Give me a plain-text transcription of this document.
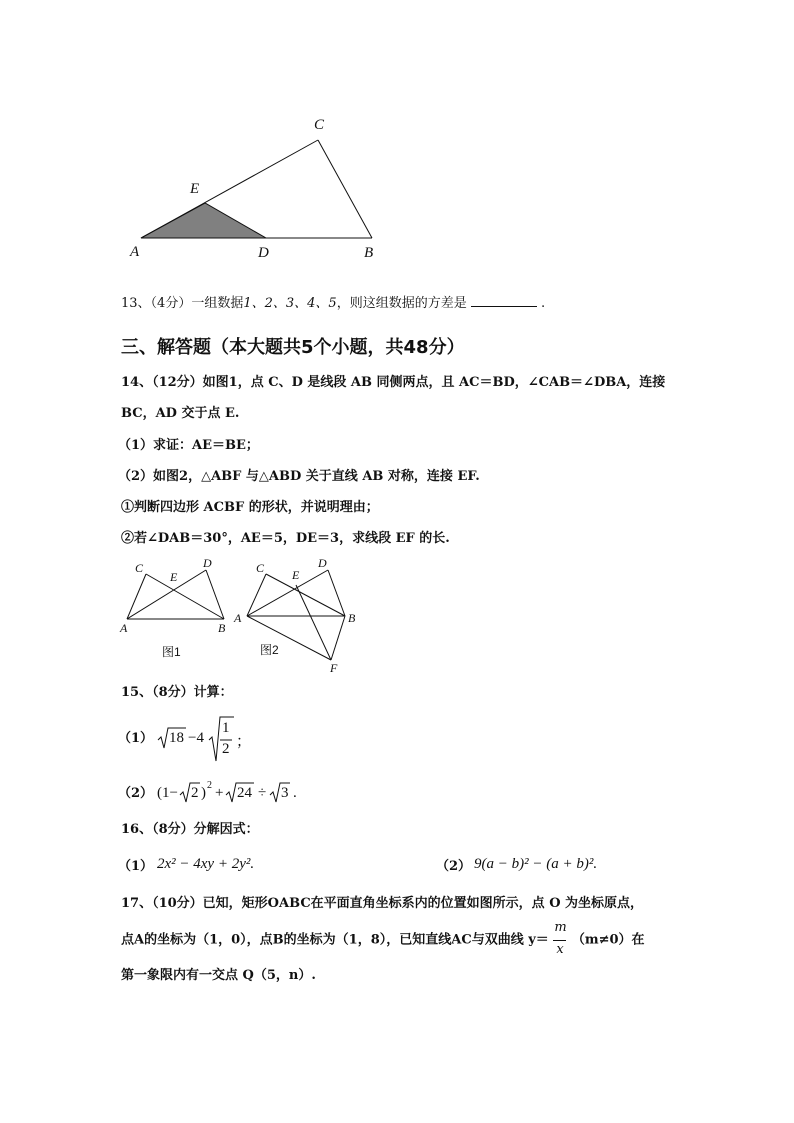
C
E
A	D	B
13、（4分）一组数据1、2、3、4、5，则这组数据的方差是	.
三、解答题（本大题共5个小题，共48分）
14、（12分）如图1，点 C、D 是线段 AB 同侧两点，且 AC＝BD，∠CAB＝∠DBA，连接
BC，AD 交于点 E.
（1）求证：AE＝BE；
（2）如图2，△ABF 与△ABD 关于直线 AB 对称，连接 EF.
①判断四边形 ACBF 的形状，并说明理由；
②若∠DAB＝30°，AE＝5，DE＝3，求线段 EF 的长.
C
E
D
A	B
图1
C E
D
A	B
F
图2
15、（8分）计算：
（1） 18 −4
1
2 ；
（2） (1− 2 ) 2 + 24 ÷ 3 .
16、（8分）分解因式：
（1） 2x² − 4xy + 2y².	（2） 9(a − b)² − (a + b)².
17、（10分）已知，矩形OABC在平面直角坐标系内的位置如图所示，点 O 为坐标原点，
点A的坐标为（1，0），点B的坐标为（1，8），已知直线AC与双曲线 $y= \frac{m}{x} (m\ne 0)$在
第一象限内有一交点 Q（5，n）.
